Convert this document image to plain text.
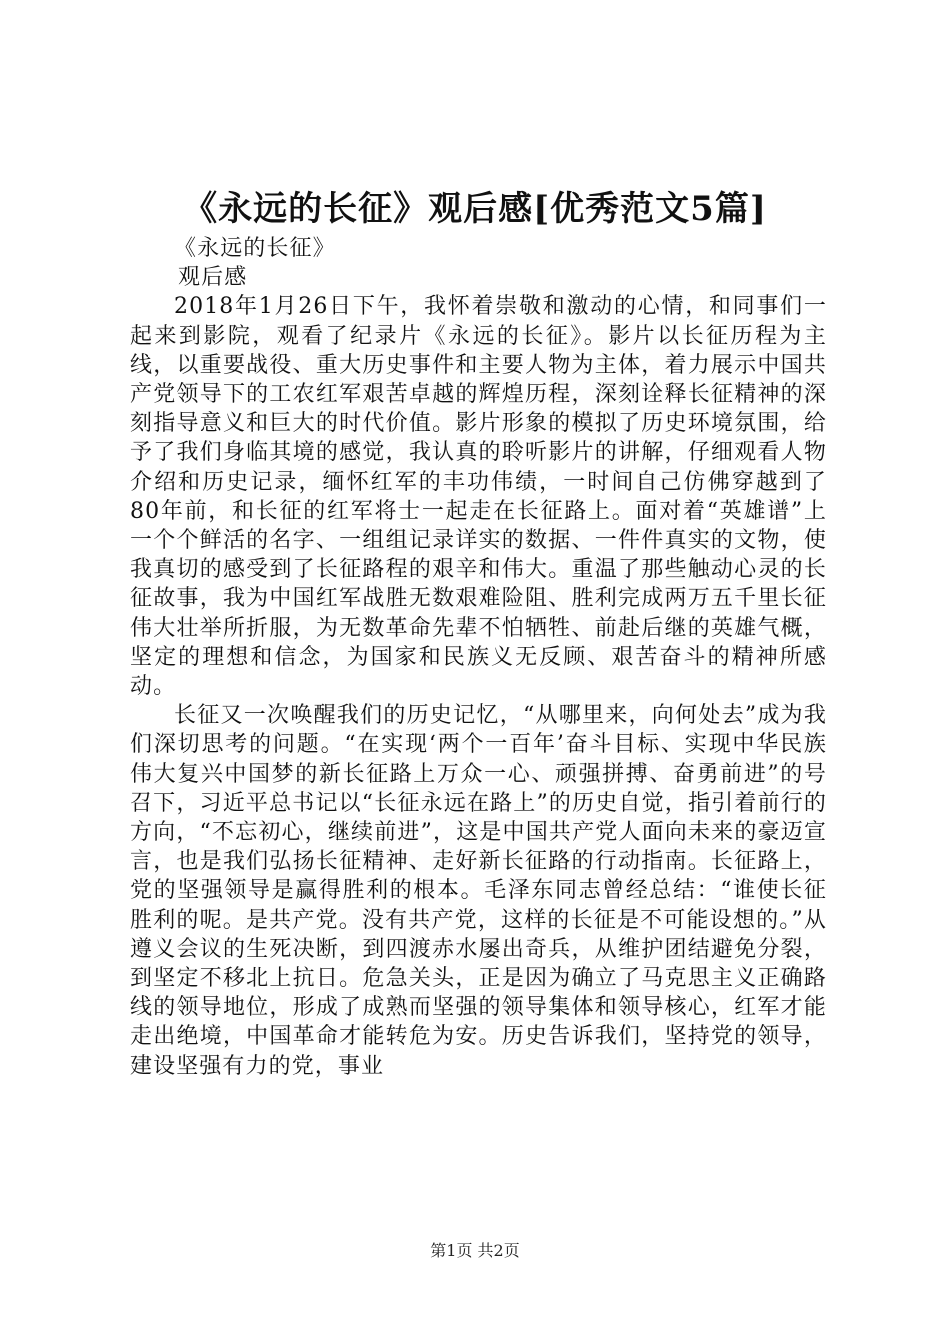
《永远的长征》观后感[优秀范文5篇]

《永远的长征》

观后感

2018年1月26日下午，我怀着崇敬和激动的心情，和同事们一起来到影院，观看了纪录片《永远的长征》。影片以长征历程为主线，以重要战役、重大历史事件和主要人物为主体，着力展示中国共产党领导下的工农红军艰苦卓越的辉煌历程，深刻诠释长征精神的深刻指导意义和巨大的时代价值。影片形象的模拟了历史环境氛围，给予了我们身临其境的感觉，我认真的聆听影片的讲解，仔细观看人物介绍和历史记录，缅怀红军的丰功伟绩，一时间自己仿佛穿越到了80年前，和长征的红军将士一起走在长征路上。面对着“英雄谱”上一个个鲜活的名字、一组组记录详实的数据、一件件真实的文物，使我真切的感受到了长征路程的艰辛和伟大。重温了那些触动心灵的长征故事，我为中国红军战胜无数艰难险阻、胜利完成两万五千里长征伟大壮举所折服，为无数革命先辈不怕牺牲、前赴后继的英雄气概，坚定的理想和信念，为国家和民族义无反顾、艰苦奋斗的精神所感动。

长征又一次唤醒我们的历史记忆，“从哪里来，向何处去”成为我们深切思考的问题。“在实现‘两个一百年’奋斗目标、实现中华民族伟大复兴中国梦的新长征路上万众一心、顽强拼搏、奋勇前进”的号召下，习近平总书记以“长征永远在路上”的历史自觉，指引着前行的方向，“不忘初心，继续前进”，这是中国共产党人面向未来的豪迈宣言，也是我们弘扬长征精神、走好新长征路的行动指南。长征路上，党的坚强领导是赢得胜利的根本。毛泽东同志曾经总结：“谁使长征胜利的呢。是共产党。没有共产党，这样的长征是不可能设想的。”从遵义会议的生死决断，到四渡赤水屡出奇兵，从维护团结避免分裂，到坚定不移北上抗日。危急关头，正是因为确立了马克思主义正确路线的领导地位，形成了成熟而坚强的领导集体和领导核心，红军才能走出绝境，中国革命才能转危为安。历史告诉我们，坚持党的领导，建设坚强有力的党，事业

第1页 共2页
